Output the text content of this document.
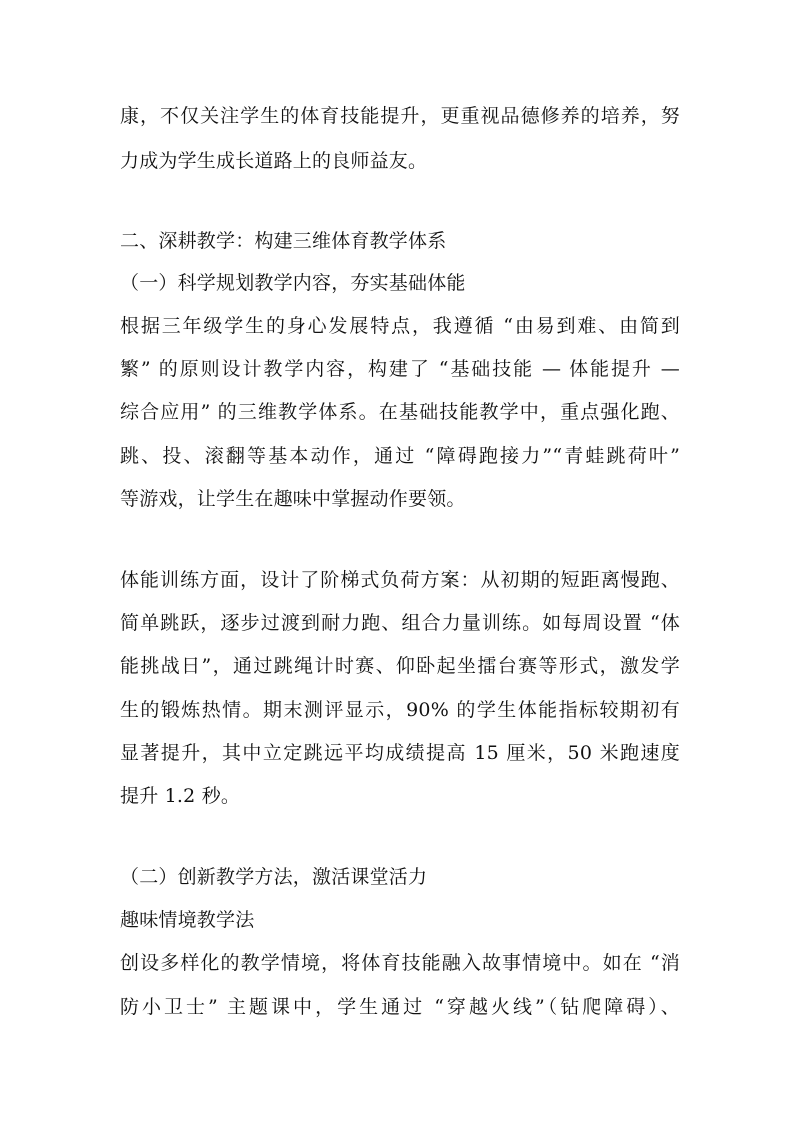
康，不仅关注学生的体育技能提升，更重视品德修养的培养，努
力成为学生成长道路上的良师益友。
二、深耕教学：构建三维体育教学体系
（一）科学规划教学内容，夯实基础体能
根据三年级学生的身心发展特点，我遵循 “由易到难、由简到
繁” 的原则设计教学内容，构建了 “基础技能 — 体能提升 —
综合应用” 的三维教学体系。在基础技能教学中，重点强化跑、
跳、投、滚翻等基本动作，通过 “障碍跑接力”“青蛙跳荷叶”
等游戏，让学生在趣味中掌握动作要领。
体能训练方面，设计了阶梯式负荷方案：从初期的短距离慢跑、
简单跳跃，逐步过渡到耐力跑、组合力量训练。如每周设置 “体
能挑战日”，通过跳绳计时赛、仰卧起坐擂台赛等形式，激发学
生的锻炼热情。期末测评显示，90% 的学生体能指标较期初有
显著提升，其中立定跳远平均成绩提高 15 厘米，50 米跑速度
提升 1.2 秒。
（二）创新教学方法，激活课堂活力
趣味情境教学法
创设多样化的教学情境，将体育技能融入故事情境中。如在 “消
防小卫士” 主题课中，学生通过 “穿越火线”（钻爬障碍）、
